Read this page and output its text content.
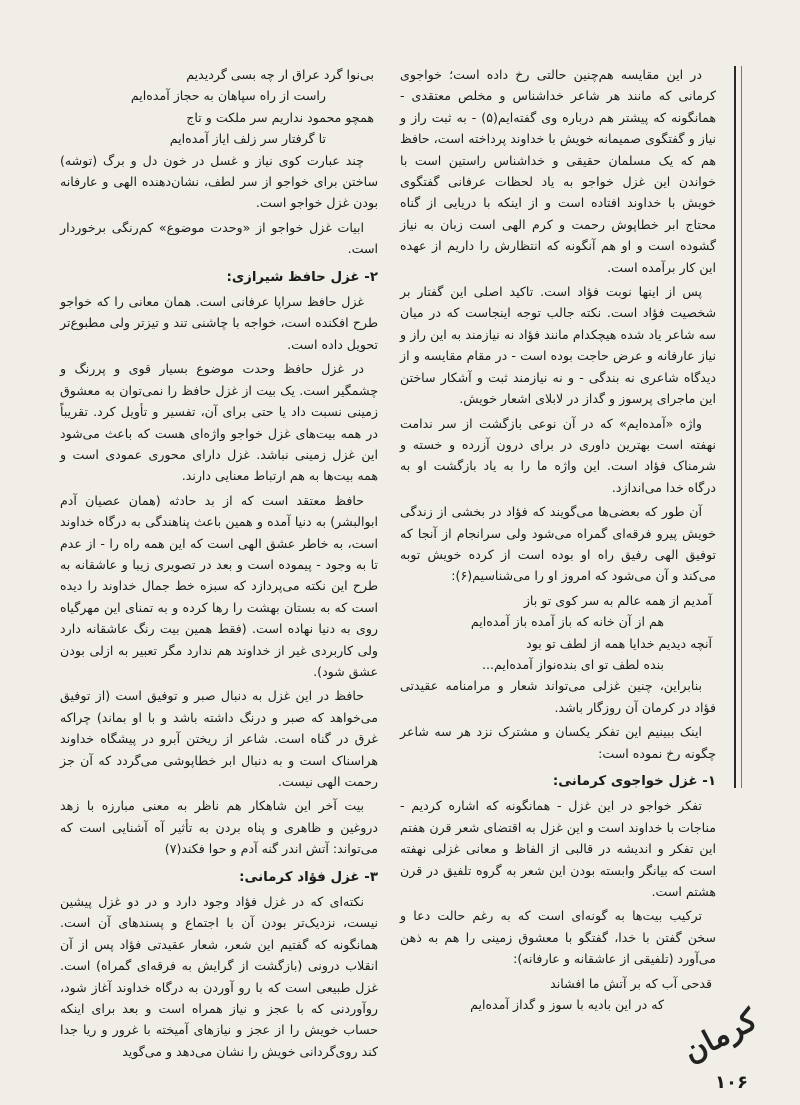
در این مقایسه هم‌چنین حالتی رخ داده است؛ خواجوی کرمانی که مانند هر شاعر خداشناس و مخلص معتقدی - همانگونه که پیشتر هم درباره وی گفته‌ایم(۵) - به ثبت راز و نیاز و گفتگوی صمیمانه خویش با خداوند پرداخته است، حافظ هم که یک مسلمان حقیقی و خداشناس راستین است با خواندن این غزل خواجو به یاد لحظات عرفانی گفتگوی خویش با خداوند افتاده است و از اینکه با دریایی از گناه محتاج ابر خطاپوش رحمت و کرم الهی است زبان به نیاز گشوده است و او هم آنگونه که انتظارش را داریم از عهده این کار برآمده است.

پس از اینها نوبت فؤاد است. تاکید اصلی این گفتار بر شخصیت فؤاد است. نکته جالب توجه اینجاست که در میان سه شاعر یاد شده هیچکدام مانند فؤاد نه نیازمند به این راز و نیاز عارفانه و عرض حاجت بوده است - در مقام مقایسه و از دیدگاه شاعری نه بندگی - و نه نیازمند ثبت و آشکار ساختن این ماجرای پرسوز و گداز در لابلای اشعار خویش.

واژه «آمده‌ایم» که در آن نوعی بازگشت از سر ندامت نهفته است بهترین داوری در برای درون آزرده و خسته و شرمناک فؤاد است. این واژه ما را به یاد بازگشت او به درگاه خدا می‌اندازد.

آن طور که بعضی‌ها می‌گویند که فؤاد در بخشی از زندگی خویش پیرو فرقه‌ای گمراه می‌شود ولی سرانجام از آنجا که توفیق الهی رفیق راه او بوده است از کرده خویش توبه می‌کند و آن می‌شود که امروز او را می‌شناسیم(۶):

آمدیم از همه عالم به سر کوی تو باز

هم از آن خانه که باز آمده باز آمده‌ایم

آنچه دیدیم خدایا همه از لطف تو بود

بنده لطف تو ای بنده‌نواز آمده‌ایم...

بنابراین، چنین غزلی می‌تواند شعار و مرامنامه عقیدتی فؤاد در کرمان آن روزگار باشد.

اینک ببینیم این تفکر یکسان و مشترک نزد هر سه شاعر چگونه رخ نموده است:

۱- غزل خواجوی کرمانی:

تفکر خواجو در این غزل - همانگونه که اشاره کردیم - مناجات با خداوند است و این غزل به اقتضای شعر قرن هفتم این تفکر و اندیشه در قالبی از الفاظ و معانی غزلی نهفته است که بیانگر وابسته بودن این شعر به گروه تلفیق در قرن هشتم است.

ترکیب بیت‌ها به گونه‌ای است که به رغم حالت دعا و سخن گفتن با خدا، گفتگو با معشوق زمینی را هم به ذهن می‌آورد (تلفیقی از عاشقانه و عارفانه):

قدحی آب که بر آتش ما افشاند

که در این بادیه با سوز و گداز آمده‌ایم

بی‌نوا گرد عراق ار چه بسی گردیدیم

راست از راه سپاهان به حجاز آمده‌ایم

همچو محمود نداریم سر ملکت و تاج

تا گرفتار سر زلف ایاز آمده‌ایم

چند عبارت کوی نیاز و غسل در خون دل و برگ (توشه) ساختن برای خواجو از سر لطف، نشان‌دهنده الهی و عارفانه بودن غزل خواجو است.

ابیات غزل خواجو از «وحدت موضوع» کم‌رنگی برخوردار است.

۲- غزل حافظ شیرازی:

غزل حافظ سراپا عرفانی است. همان معانی را که خواجو طرح افکنده است، خواجه با چاشنی تند و تیزتر ولی مطبوع‌تر تحویل داده است.

در غزل حافظ وحدت موضوع بسیار قوی و پررنگ و چشمگیر است. یک بیت از غزل حافظ را نمی‌توان به معشوق زمینی نسبت داد یا حتی برای آن، تفسیر و تأویل کرد. تقریباً در همه بیت‌های غزل خواجو واژه‌ای هست که باعث می‌شود این غزل زمینی نباشد. غزل دارای محوری عمودی است و همه بیت‌ها به هم ارتباط معنایی دارند.

حافظ معتقد است که از بد حادثه (همان عصیان آدم ابوالبشر) به دنیا آمده و همین باعث پناهندگی به درگاه خداوند است، به خاطر عشق الهی است که این همه راه را - از عدم تا به وجود - پیموده است و بعد در تصویری زیبا و عاشقانه به طرح این نکته می‌پردازد که سبزه خط جمال خداوند را دیده است که به بستان بهشت را رها کرده و به تمنای این مهرگیاه روی به دنیا نهاده است. (فقط همین بیت رنگ عاشقانه دارد ولی کاربردی غیر از خداوند هم ندارد مگر تعبیر به ازلی بودن عشق شود).

حافظ در این غزل به دنبال صبر و توفیق است (از توفیق می‌خواهد که صبر و درنگ داشته باشد و با او بماند) چراکه غرق در گناه است. شاعر از ریختن آبرو در پیشگاه خداوند هراسناک است و به دنبال ابر خطاپوشی می‌گردد که آن جز رحمت الهی نیست.

بیت آخر این شاهکار هم ناظر به معنی مبارزه با زهد دروغین و ظاهری و پناه بردن به تأثیر آه آشنایی است که می‌تواند: آتش اندر گنه آدم و حوا فکند(۷)

۳- غزل فؤاد کرمانی:

نکته‌ای که در غزل فؤاد وجود دارد و در دو غزل پیشین نیست، نزدیک‌تر بودن آن با اجتماع و پسندهای آن است. همانگونه که گفتیم این شعر، شعار عقیدتی فؤاد پس از آن انقلاب درونی (بازگشت از گرایش به فرقه‌ای گمراه) است. غزل طبیعی است که با رو آوردن به درگاه خداوند آغاز شود، روآوردنی که با عجز و نیاز همراه است و بعد برای اینکه حساب خویش را از عجز و نیازهای آمیخته با غرور و ریا جدا کند روی‌گردانی خویش را نشان می‌دهد و می‌گوید	کرمان
۱۰۶
